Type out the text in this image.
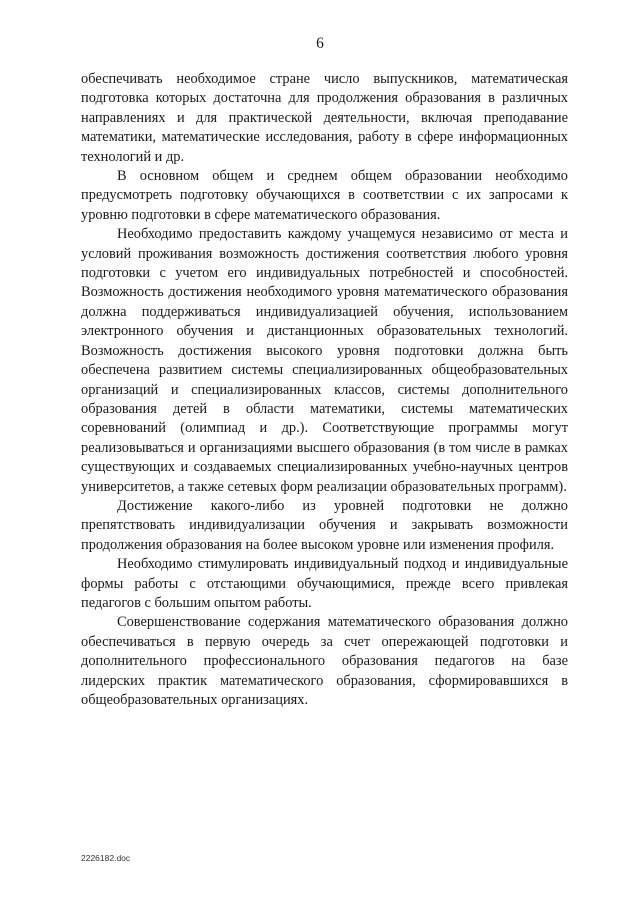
6

обеспечивать необходимое стране число выпускников, математическая подготовка которых достаточна для продолжения образования в различных направлениях и для практической деятельности, включая преподавание математики, математические исследования, работу в сфере информационных технологий и др.

В основном общем и среднем общем образовании необходимо предусмотреть подготовку обучающихся в соответствии с их запросами к уровню подготовки в сфере математического образования.

Необходимо предоставить каждому учащемуся независимо от места и условий проживания возможность достижения соответствия любого уровня подготовки с учетом его индивидуальных потребностей и способностей. Возможность достижения необходимого уровня математического образования должна поддерживаться индивидуализацией обучения, использованием электронного обучения и дистанционных образовательных технологий. Возможность достижения высокого уровня подготовки должна быть обеспечена развитием системы специализированных общеобразовательных организаций и специализированных классов, системы дополнительного образования детей в области математики, системы математических соревнований (олимпиад и др.). Соответствующие программы могут реализовываться и организациями высшего образования (в том числе в рамках существующих и создаваемых специализированных учебно-научных центров университетов, а также сетевых форм реализации образовательных программ).

Достижение какого-либо из уровней подготовки не должно препятствовать индивидуализации обучения и закрывать возможности продолжения образования на более высоком уровне или изменения профиля.

Необходимо стимулировать индивидуальный подход и индивидуальные формы работы с отстающими обучающимися, прежде всего привлекая педагогов с большим опытом работы.

Совершенствование содержания математического образования должно обеспечиваться в первую очередь за счет опережающей подготовки и дополнительного профессионального образования педагогов на базе лидерских практик математического образования, сформировавшихся в общеобразовательных организациях.

2226182.doc
